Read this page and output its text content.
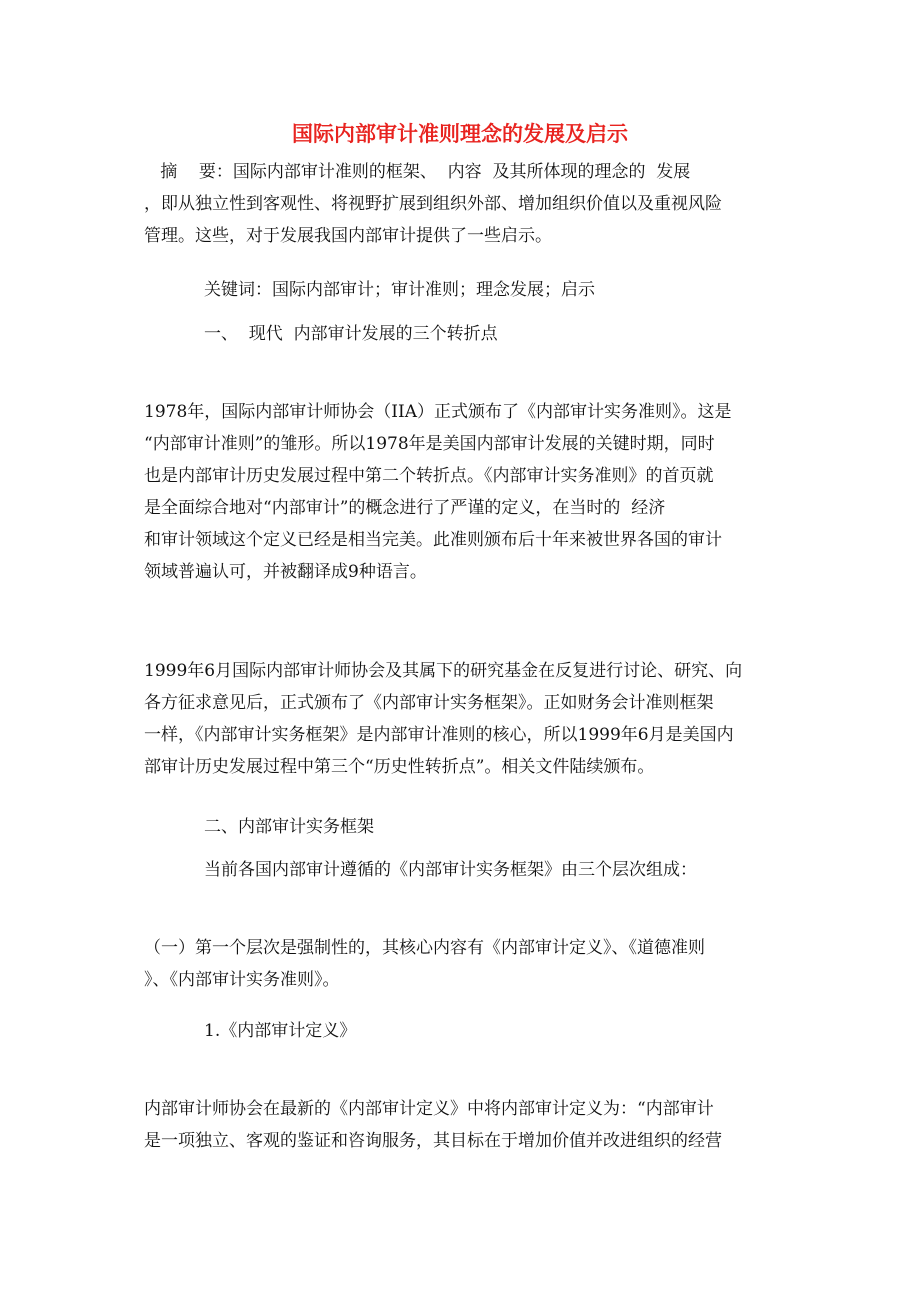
国际内部审计准则理念的发展及启示
摘    要：国际内部审计准则的框架、  内容  及其所体现的理念的  发展
，即从独立性到客观性、将视野扩展到组织外部、增加组织价值以及重视风险
管理。这些，对于发展我国内部审计提供了一些启示。
关键词：国际内部审计；审计准则；理念发展；启示
一、  现代  内部审计发展的三个转折点
1978年，国际内部审计师协会（IIA）正式颁布了《内部审计实务准则》。这是
“内部审计准则”的雏形。所以1978年是美国内部审计发展的关键时期，同时
也是内部审计历史发展过程中第二个转折点。《内部审计实务准则》的首页就
是全面综合地对“内部审计”的概念进行了严谨的定义，在当时的  经济
和审计领域这个定义已经是相当完美。此准则颁布后十年来被世界各国的审计
领域普遍认可，并被翻译成9种语言。
1999年6月国际内部审计师协会及其属下的研究基金在反复进行讨论、研究、向
各方征求意见后，正式颁布了《内部审计实务框架》。正如财务会计准则框架
一样，《内部审计实务框架》是内部审计准则的核心，所以1999年6月是美国内
部审计历史发展过程中第三个“历史性转折点”。相关文件陆续颁布。
二、内部审计实务框架
当前各国内部审计遵循的《内部审计实务框架》由三个层次组成：
（一）第一个层次是强制性的，其核心内容有《内部审计定义》、《道德准则
》、《内部审计实务准则》。
1.《内部审计定义》
内部审计师协会在最新的《内部审计定义》中将内部审计定义为：“内部审计
是一项独立、客观的鉴证和咨询服务，其目标在于增加价值并改进组织的经营
